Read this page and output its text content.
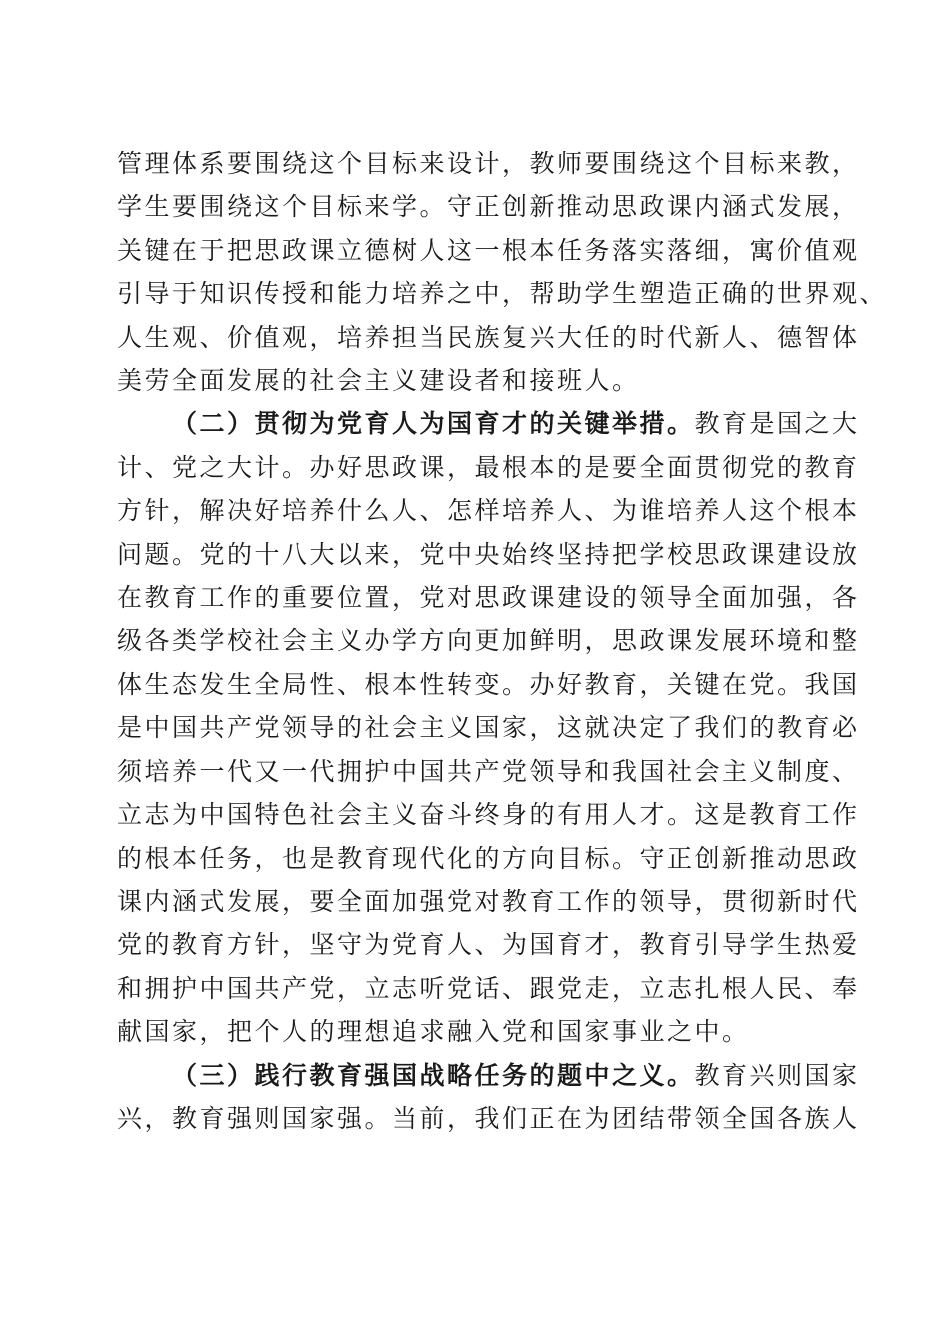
管理体系要围绕这个目标来设计，教师要围绕这个目标来教，
学生要围绕这个目标来学。守正创新推动思政课内涵式发展，
关键在于把思政课立德树人这一根本任务落实落细，寓价值观
引导于知识传授和能力培养之中，帮助学生塑造正确的世界观、
人生观、价值观，培养担当民族复兴大任的时代新人、德智体
美劳全面发展的社会主义建设者和接班人。
（二）贯彻为党育人为国育才的关键举措。教育是国之大
计、党之大计。办好思政课，最根本的是要全面贯彻党的教育
方针，解决好培养什么人、怎样培养人、为谁培养人这个根本
问题。党的十八大以来，党中央始终坚持把学校思政课建设放
在教育工作的重要位置，党对思政课建设的领导全面加强，各
级各类学校社会主义办学方向更加鲜明，思政课发展环境和整
体生态发生全局性、根本性转变。办好教育，关键在党。我国
是中国共产党领导的社会主义国家，这就决定了我们的教育必
须培养一代又一代拥护中国共产党领导和我国社会主义制度、
立志为中国特色社会主义奋斗终身的有用人才。这是教育工作
的根本任务，也是教育现代化的方向目标。守正创新推动思政
课内涵式发展，要全面加强党对教育工作的领导，贯彻新时代
党的教育方针，坚守为党育人、为国育才，教育引导学生热爱
和拥护中国共产党，立志听党话、跟党走，立志扎根人民、奉
献国家，把个人的理想追求融入党和国家事业之中。
（三）践行教育强国战略任务的题中之义。教育兴则国家
兴，教育强则国家强。当前，我们正在为团结带领全国各族人
